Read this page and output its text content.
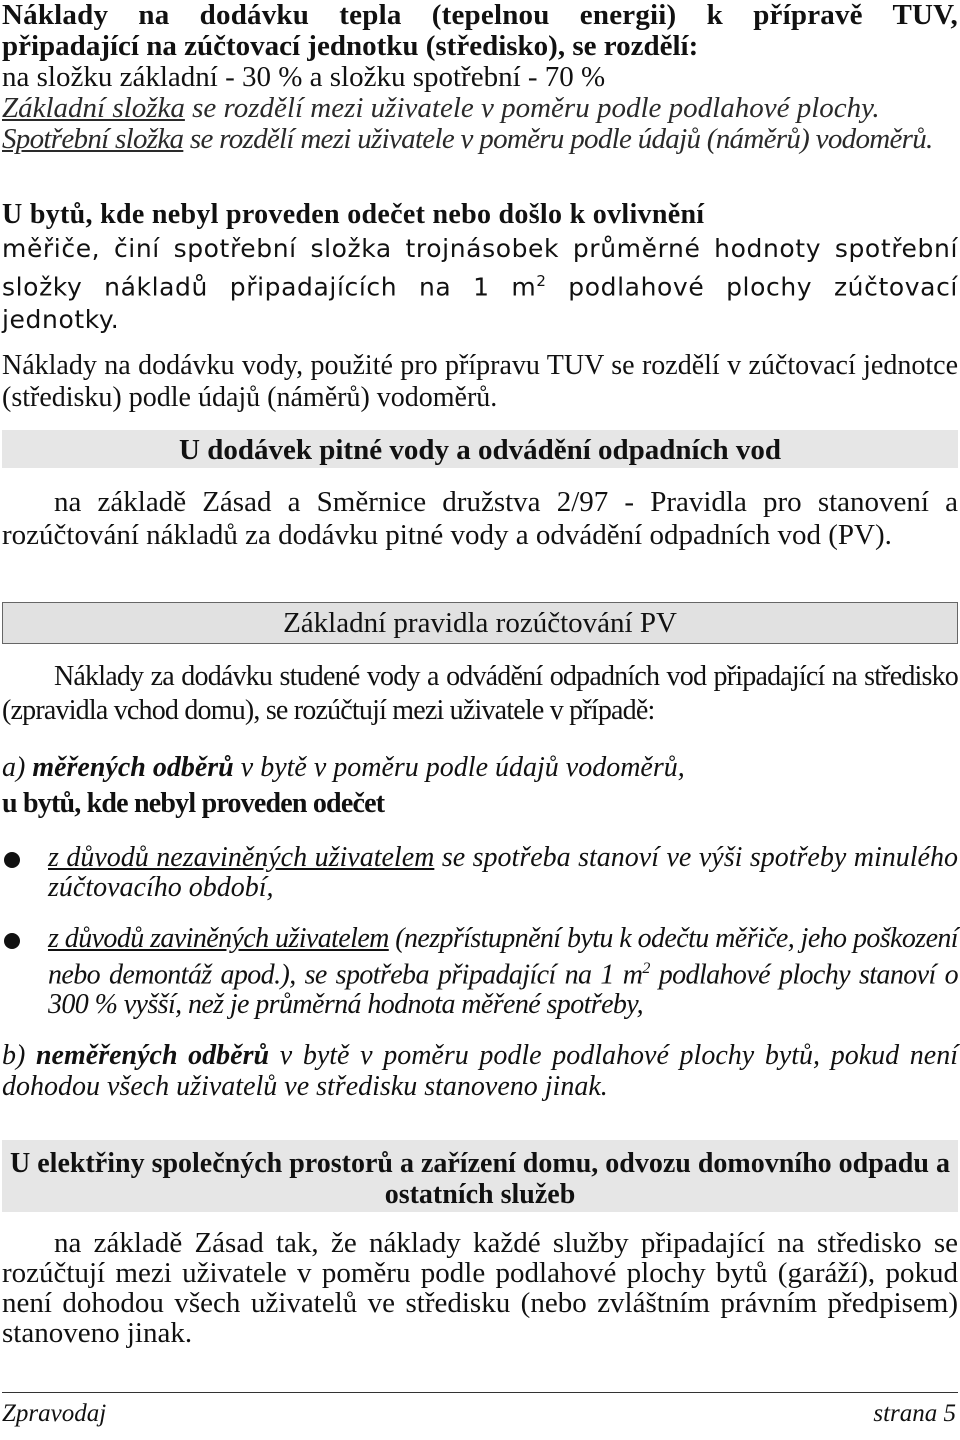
Náklady na dodávku tepla (tepelnou energii) k přípravě TUV,
připadající na zúčtovací jednotku (středisko), se rozdělí:
na složku základní - 30 % a složku spotřební - 70 %
Základní složka se rozdělí mezi uživatele v poměru podle podlahové plochy.
Spotřební složka se rozdělí mezi uživatele v poměru podle údajů (náměrů) vodoměrů.
U bytů, kde nebyl proveden odečet nebo došlo k ovlivnění
měřiče, činí spotřební složka trojnásobek průměrné hodnoty spotřební složky nákladů připadajících na 1 $m^2$ podlahové plochy zúčtovací jednotky.
Náklady na dodávku vody, použité pro přípravu TUV se rozdělí v zúčtovací jednotce (středisku) podle údajů (náměrů) vodoměrů.
U dodávek pitné vody a odvádění odpadních vod
na základě Zásad a Směrnice družstva 2/97 - Pravidla pro stanovení a rozúčtování nákladů za dodávku pitné vody a odvádění odpadních vod (PV).
Základní pravidla rozúčtování PV
Náklady za dodávku studené vody a odvádění odpadních vod připadající na středisko (zpravidla vchod domu), se rozúčtují mezi uživatele v případě:
a) měřených odběrů v bytě v poměru podle údajů vodoměrů,
u bytů, kde nebyl proveden odečet
z důvodů nezaviněných uživatelem se spotřeba stanoví ve výši spotřeby minulého zúčtovacího období,
z důvodů zaviněných uživatelem (nezpřístupnění bytu k odečtu měřiče, jeho poškození nebo demontáž apod.), se spotřeba připadající na 1 $m^2$ podlahové plochy stanoví o 300 % vyšší, než je průměrná hodnota měřené spotřeby,
b) neměřených odběrů v bytě v poměru podle podlahové plochy bytů, pokud není dohodou všech uživatelů ve středisku stanoveno jinak.
U elektřiny společných prostorů a zařízení domu, odvozu domovního odpadu a ostatních služeb
na základě Zásad tak, že náklady každé služby připadající na středisko se rozúčtují mezi uživatele v poměru podle podlahové plochy bytů (garáží), pokud není dohodou všech uživatelů ve středisku (nebo zvláštním právním předpisem) stanoveno jinak.
Zpravodaj	strana 5
